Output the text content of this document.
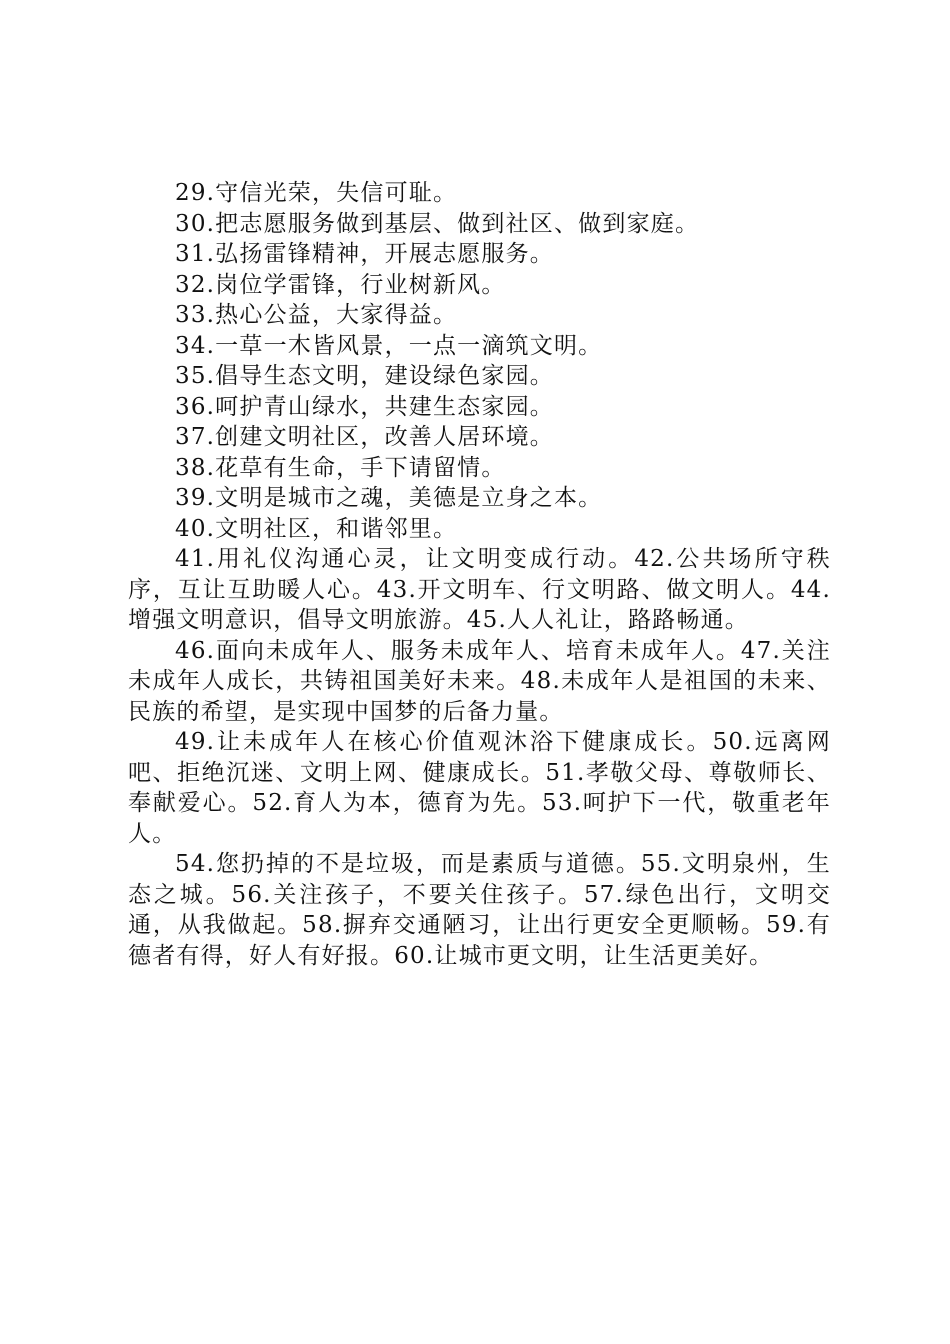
29.守信光荣，失信可耻。
30.把志愿服务做到基层、做到社区、做到家庭。
31.弘扬雷锋精神，开展志愿服务。
32.岗位学雷锋，行业树新风。
33.热心公益，大家得益。
34.一草一木皆风景，一点一滴筑文明。
35.倡导生态文明，建设绿色家园。
36.呵护青山绿水，共建生态家园。
37.创建文明社区，改善人居环境。
38.花草有生命，手下请留情。
39.文明是城市之魂，美德是立身之本。
40.文明社区，和谐邻里。

41.用礼仪沟通心灵，让文明变成行动。42.公共场所守秩序，互让互助暖人心。43.开文明车、行文明路、做文明人。44.增强文明意识，倡导文明旅游。45.人人礼让，路路畅通。

46.面向未成年人、服务未成年人、培育未成年人。47.关注未成年人成长，共铸祖国美好未来。48.未成年人是祖国的未来、民族的希望，是实现中国梦的后备力量。

49.让未成年人在核心价值观沐浴下健康成长。50.远离网吧、拒绝沉迷、文明上网、健康成长。51.孝敬父母、尊敬师长、奉献爱心。52.育人为本，德育为先。53.呵护下一代，敬重老年人。

54.您扔掉的不是垃圾，而是素质与道德。55.文明泉州，生态之城。56.关注孩子，不要关住孩子。57.绿色出行，文明交通，从我做起。58.摒弃交通陋习，让出行更安全更顺畅。59.有德者有得，好人有好报。60.让城市更文明，让生活更美好。
